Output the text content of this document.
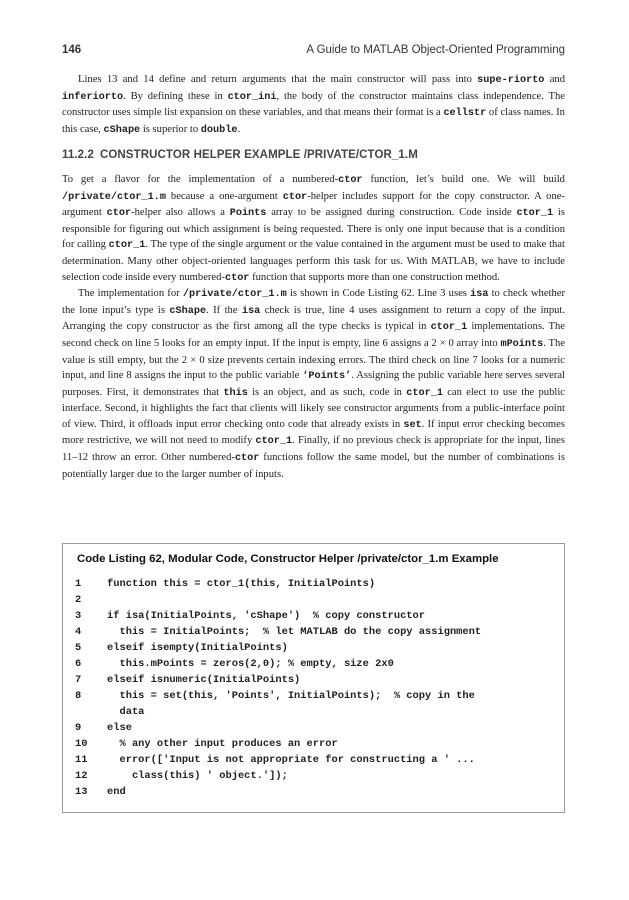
146	A Guide to MATLAB Object-Oriented Programming

Lines 13 and 14 define and return arguments that the main constructor will pass into supe-riorto and inferiorto. By defining these in ctor_ini, the body of the constructor maintains class independence. The constructor uses simple list expansion on these variables, and that means their format is a cellstr of class names. In this case, cShape is superior to double.

11.2.2 CONSTRUCTOR HELPER EXAMPLE /PRIVATE/CTOR_1.M

To get a flavor for the implementation of a numbered-ctor function, let’s build one. We will build /private/ctor_1.m because a one-argument ctor-helper includes support for the copy constructor. A one-argument ctor-helper also allows a Points array to be assigned during construction. Code inside ctor_1 is responsible for figuring out which assignment is being requested. There is only one input because that is a condition for calling ctor_1. The type of the single argument or the value contained in the argument must be used to make that determination. Many other object-oriented languages perform this task for us. With MATLAB, we have to include selection code inside every numbered-ctor function that supports more than one construction method.

The implementation for /private/ctor_1.m is shown in Code Listing 62. Line 3 uses isa to check whether the lone input’s type is cShape. If the isa check is true, line 4 uses assignment to return a copy of the input. Arranging the copy constructor as the first among all the type checks is typical in ctor_1 implementations. The second check on line 5 looks for an empty input. If the input is empty, line 6 assigns a 2 × 0 array into mPoints. The value is still empty, but the 2 × 0 size prevents certain indexing errors. The third check on line 7 looks for a numeric input, and line 8 assigns the input to the public variable ‘Points’. Assigning the public variable here serves several purposes. First, it demonstrates that this is an object, and as such, code in ctor_1 can elect to use the public interface. Second, it highlights the fact that clients will likely see constructor arguments from a public-interface point of view. Third, it offloads input error checking onto code that already exists in set. If input error checking becomes more restrictive, we will not need to modify ctor_1. Finally, if no previous check is appropriate for the input, lines 11–12 throw an error. Other numbered-ctor functions follow the same model, but the number of combinations is potentially larger due to the larger number of inputs.

Code Listing 62, Modular Code, Constructor Helper /private/ctor_1.m Example
1	function this = ctor_1(this, InitialPoints)
2
3	if isa(InitialPoints, 'cShape')  % copy constructor
4	this = InitialPoints;  % let MATLAB do the copy assignment
5	elseif isempty(InitialPoints)
6	this.mPoints = zeros(2,0); % empty, size 2x0
7	elseif isnumeric(InitialPoints)
8	this = set(this, 'Points', InitialPoints);  % copy in the
data
9	else
10	% any other input produces an error
11	error(['Input is not appropriate for constructing a ' ...
12	class(this) ' object.']);
13	end
